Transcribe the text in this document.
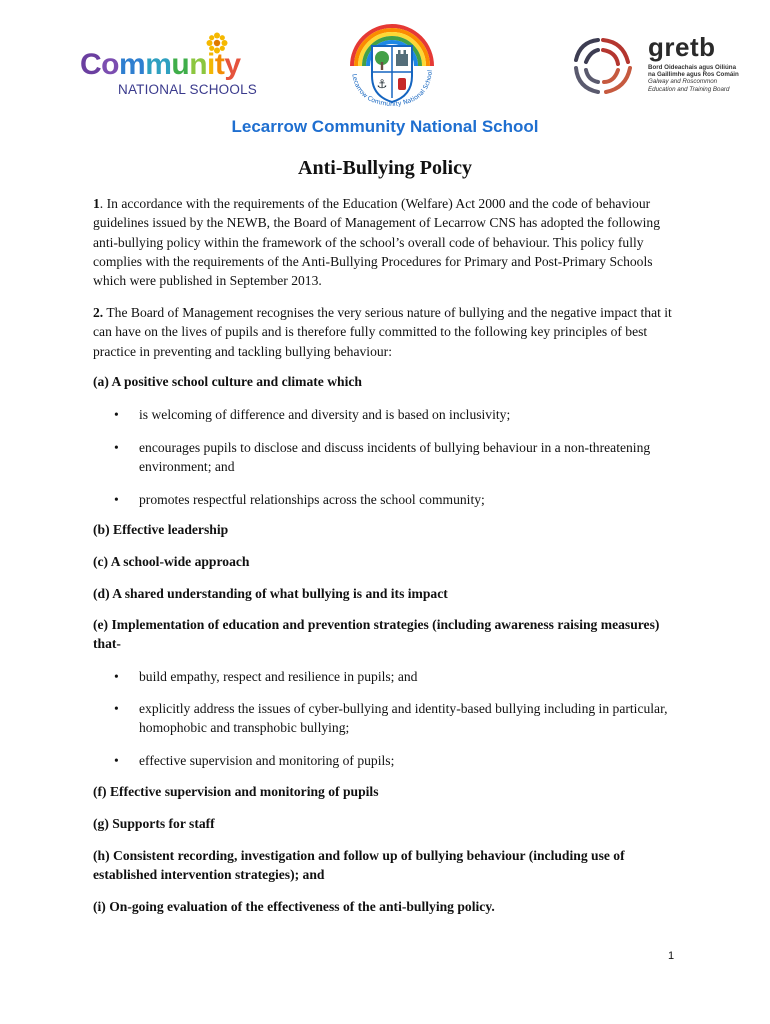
Community
NATIONAL SCHOOLS	⚓
Lecarrow Community National School
gretb
Bord Oideachais agus Oiliúna
na Gaillimhe agus Ros Comáin
Galway and Roscommon
Education and Training Board
Lecarrow Community National School
Anti-Bullying Policy

1. In accordance with the requirements of the Education (Welfare) Act 2000 and the code of behaviour guidelines issued by the NEWB, the Board of Management of Lecarrow CNS has adopted the following anti-bullying policy within the framework of the school’s overall code of behaviour. This policy fully complies with the requirements of the Anti-Bullying Procedures for Primary and Post-Primary Schools which were published in September 2013.

2. The Board of Management recognises the very serious nature of bullying and the negative impact that it can have on the lives of pupils and is therefore fully committed to the following key principles of best practice in preventing and tackling bullying behaviour:

(a) A positive school culture and climate which

• is welcoming of difference and diversity and is based on inclusivity;
• encourages pupils to disclose and discuss incidents of bullying behaviour in a non-threatening environment; and
• promotes respectful relationships across the school community;

(b) Effective leadership

(c) A school-wide approach

(d) A shared understanding of what bullying is and its impact

(e) Implementation of education and prevention strategies (including awareness raising measures) that-

• build empathy, respect and resilience in pupils; and
• explicitly address the issues of cyber-bullying and identity-based bullying including in particular, homophobic and transphobic bullying;
• effective supervision and monitoring of pupils;

(f) Effective supervision and monitoring of pupils

(g) Supports for staff

(h) Consistent recording, investigation and follow up of bullying behaviour (including use of established intervention strategies); and

(i) On-going evaluation of the effectiveness of the anti-bullying policy.

1
